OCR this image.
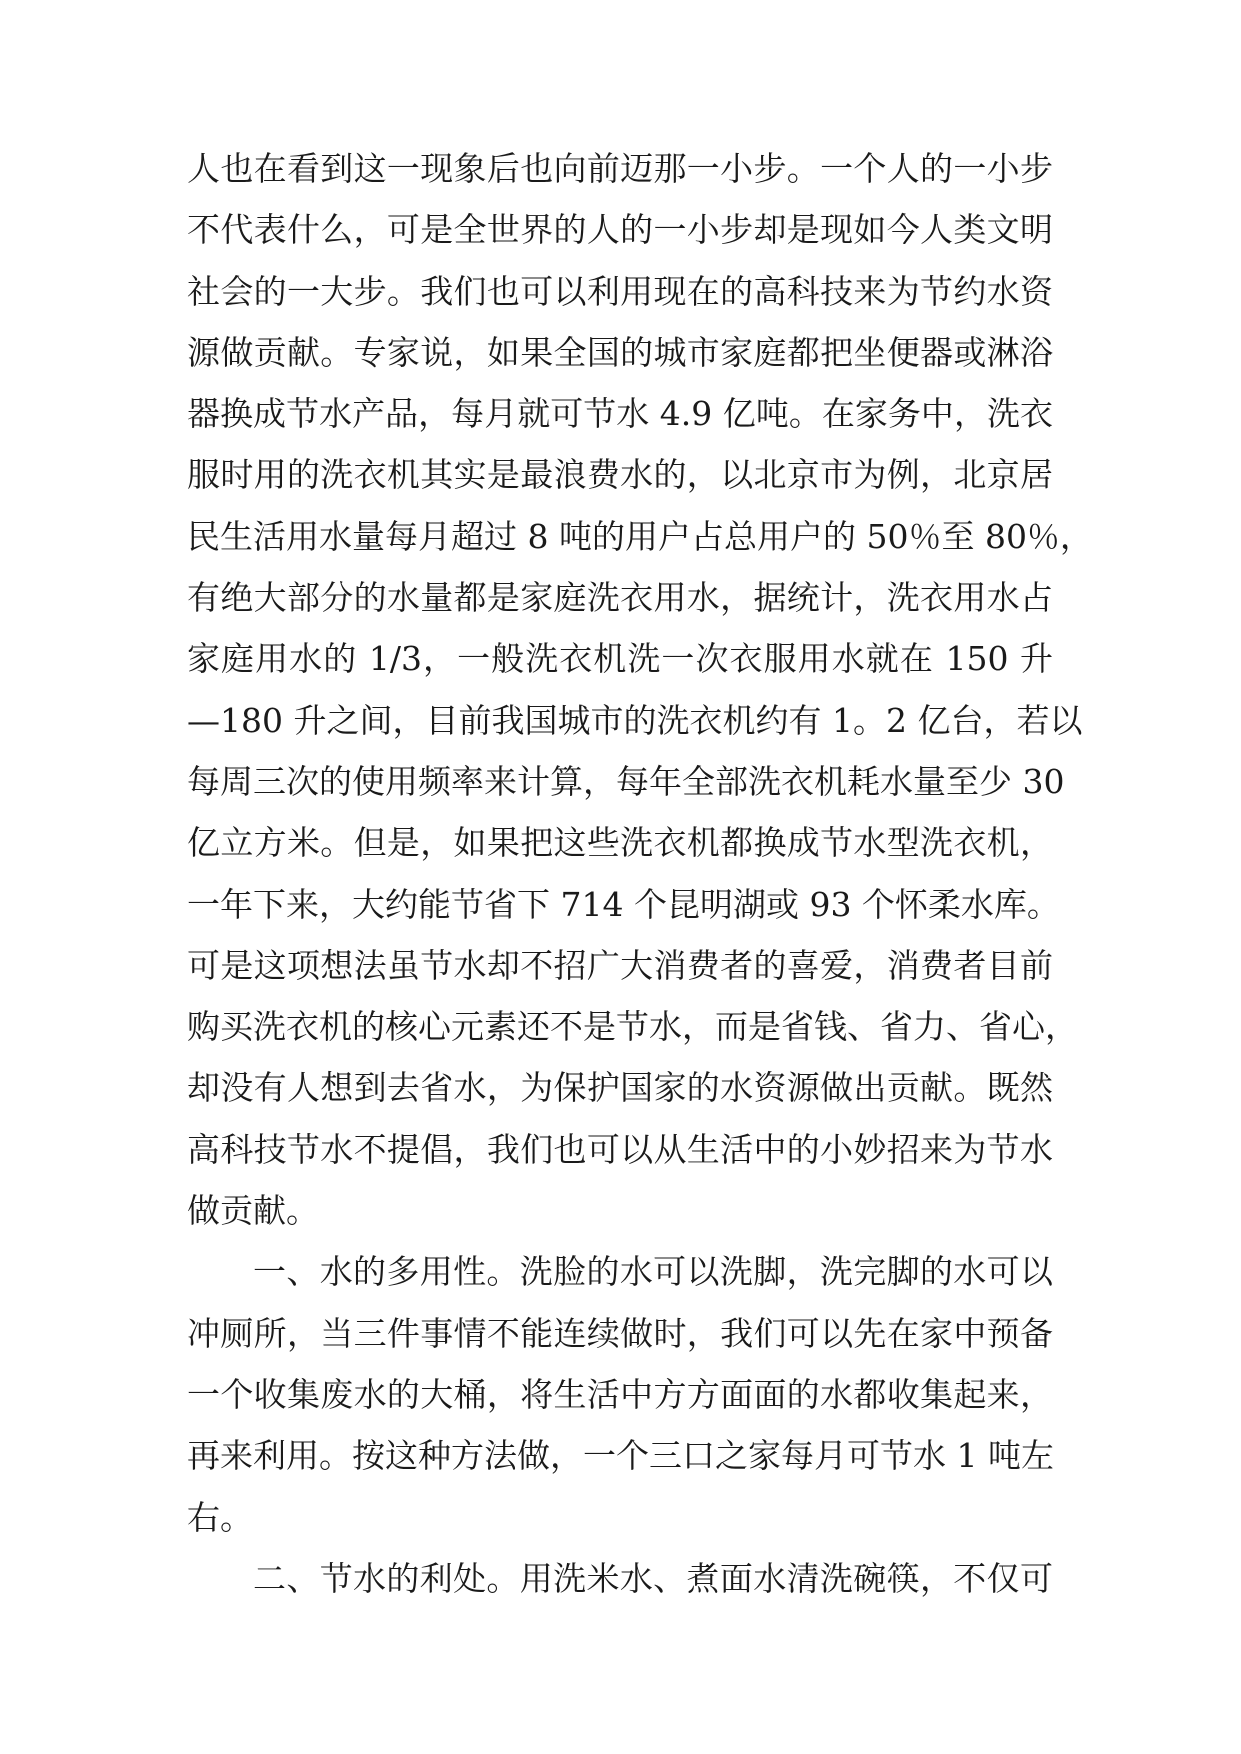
人也在看到这一现象后也向前迈那一小步。一个人的一小步
不代表什么，可是全世界的人的一小步却是现如今人类文明
社会的一大步。我们也可以利用现在的高科技来为节约水资
源做贡献。专家说，如果全国的城市家庭都把坐便器或淋浴
器换成节水产品，每月就可节水 4.9 亿吨。在家务中，洗衣
服时用的洗衣机其实是最浪费水的，以北京市为例，北京居
民生活用水量每月超过 8 吨的用户占总用户的 50％至 80％，
有绝大部分的水量都是家庭洗衣用水，据统计，洗衣用水占
家庭用水的 1/3，一般洗衣机洗一次衣服用水就在 150 升
—180 升之间，目前我国城市的洗衣机约有 1。2 亿台，若以
每周三次的使用频率来计算，每年全部洗衣机耗水量至少 30
亿立方米。但是，如果把这些洗衣机都换成节水型洗衣机，
一年下来，大约能节省下 714 个昆明湖或 93 个怀柔水库。
可是这项想法虽节水却不招广大消费者的喜爱，消费者目前
购买洗衣机的核心元素还不是节水，而是省钱、省力、省心，
却没有人想到去省水，为保护国家的水资源做出贡献。既然
高科技节水不提倡，我们也可以从生活中的小妙招来为节水
做贡献。
一、水的多用性。洗脸的水可以洗脚，洗完脚的水可以
冲厕所，当三件事情不能连续做时，我们可以先在家中预备
一个收集废水的大桶，将生活中方方面面的水都收集起来，
再来利用。按这种方法做，一个三口之家每月可节水 1 吨左
右。
二、节水的利处。用洗米水、煮面水清洗碗筷，不仅可
